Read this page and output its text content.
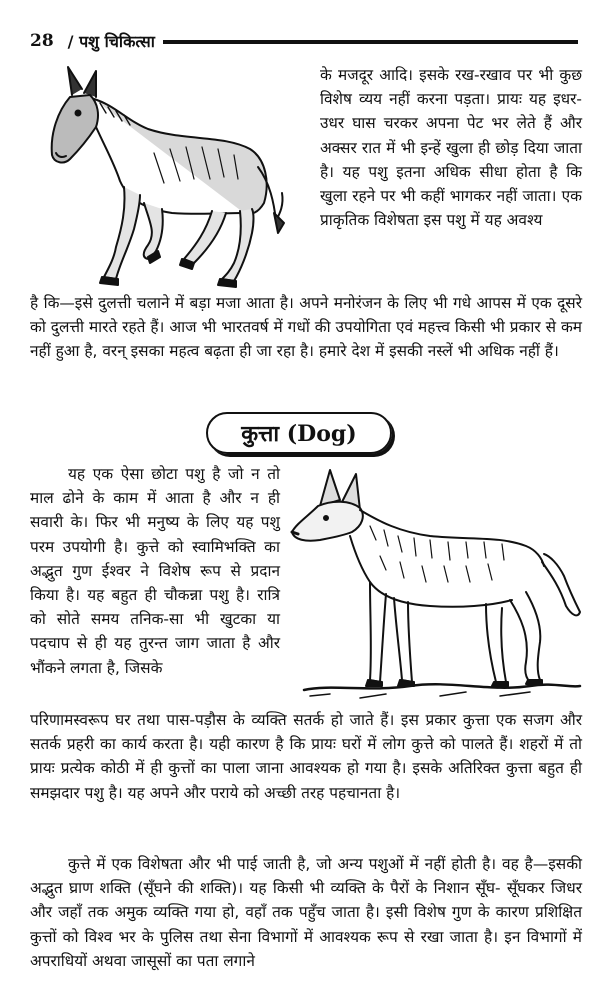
28 / पशु चिकित्सा

के मजदूर आदि। इसके रख-रखाव पर भी कुछ विशेष व्यय नहीं करना पड़ता। प्रायः यह इधर-उधर घास चरकर अपना पेट भर लेते हैं और अक्सर रात में भी इन्हें खुला ही छोड़ दिया जाता है। यह पशु इतना अधिक सीधा होता है कि खुला रहने पर भी कहीं भागकर नहीं जाता। एक प्राकृतिक विशेषता इस पशु में यह अवश्य

है कि—इसे दुलत्ती चलाने में बड़ा मजा आता है। अपने मनोरंजन के लिए भी गधे आपस में एक दूसरे को दुलत्ती मारते रहते हैं। आज भी भारतवर्ष में गधों की उपयोगिता एवं महत्त्व किसी भी प्रकार से कम नहीं हुआ है, वरन् इसका महत्व बढ़ता ही जा रहा है। हमारे देश में इसकी नस्लें भी अधिक नहीं हैं।

कुत्ता (Dog)

यह एक ऐसा छोटा पशु है जो न तो माल ढोने के काम में आता है और न ही सवारी के। फिर भी मनुष्य के लिए यह पशु परम उपयोगी है। कुत्ते को स्वामिभक्ति का अद्भुत गुण ईश्वर ने विशेष रूप से प्रदान किया है। यह बहुत ही चौकन्ना पशु है। रात्रि को सोते समय तनिक-सा भी खुटका या पदचाप से ही यह तुरन्त जाग जाता है और भौंकने लगता है, जिसके

परिणामस्वरूप घर तथा पास-पड़ौस के व्यक्ति सतर्क हो जाते हैं। इस प्रकार कुत्ता एक सजग और सतर्क प्रहरी का कार्य करता है। यही कारण है कि प्रायः घरों में लोग कुत्ते को पालते हैं। शहरों में तो प्रायः प्रत्येक कोठी में ही कुत्तों का पाला जाना आवश्यक हो गया है। इसके अतिरिक्त कुत्ता बहुत ही समझदार पशु है। यह अपने और पराये को अच्छी तरह पहचानता है।

कुत्ते में एक विशेषता और भी पाई जाती है, जो अन्य पशुओं में नहीं होती है। वह है—इसकी अद्भुत घ्राण शक्ति (सूँघने की शक्ति)। यह किसी भी व्यक्ति के पैरों के निशान सूँघ- सूँघकर जिधर और जहाँ तक अमुक व्यक्ति गया हो, वहाँ तक पहुँच जाता है। इसी विशेष गुण के कारण प्रशिक्षित कुत्तों को विश्व भर के पुलिस तथा सेना विभागों में आवश्यक रूप से रखा जाता है। इन विभागों में अपराधियों अथवा जासूसों का पता लगाने
